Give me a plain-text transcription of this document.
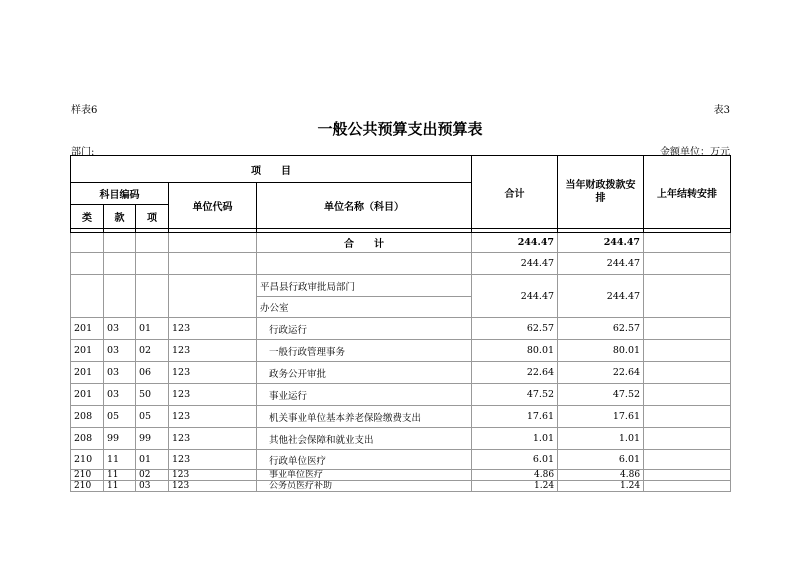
样表6	表3
一般公共预算支出预算表
部门:	金额单位：万元
项　　目					合计	当年财政拨款安排	上年结转安排
科目编码			单位代码	单位名称（科目）			
类	款	项					

				合　　计	244.47	244.47	
					244.47	244.47	
				平昌县行政审批局部门	244.47	244.47	
				办公室			
201	03	01	123	行政运行	62.57	62.57	
201	03	02	123	一般行政管理事务	80.01	80.01	
201	03	06	123	政务公开审批	22.64	22.64	
201	03	50	123	事业运行	47.52	47.52	
208	05	05	123	机关事业单位基本养老保险缴费支出	17.61	17.61	
208	99	99	123	其他社会保障和就业支出	1.01	1.01	
210	11	01	123	行政单位医疗	6.01	6.01	
210	11	02	123	事业单位医疗	4.86	4.86	
210	11	03	123	公务员医疗补助	1.24	1.24	
